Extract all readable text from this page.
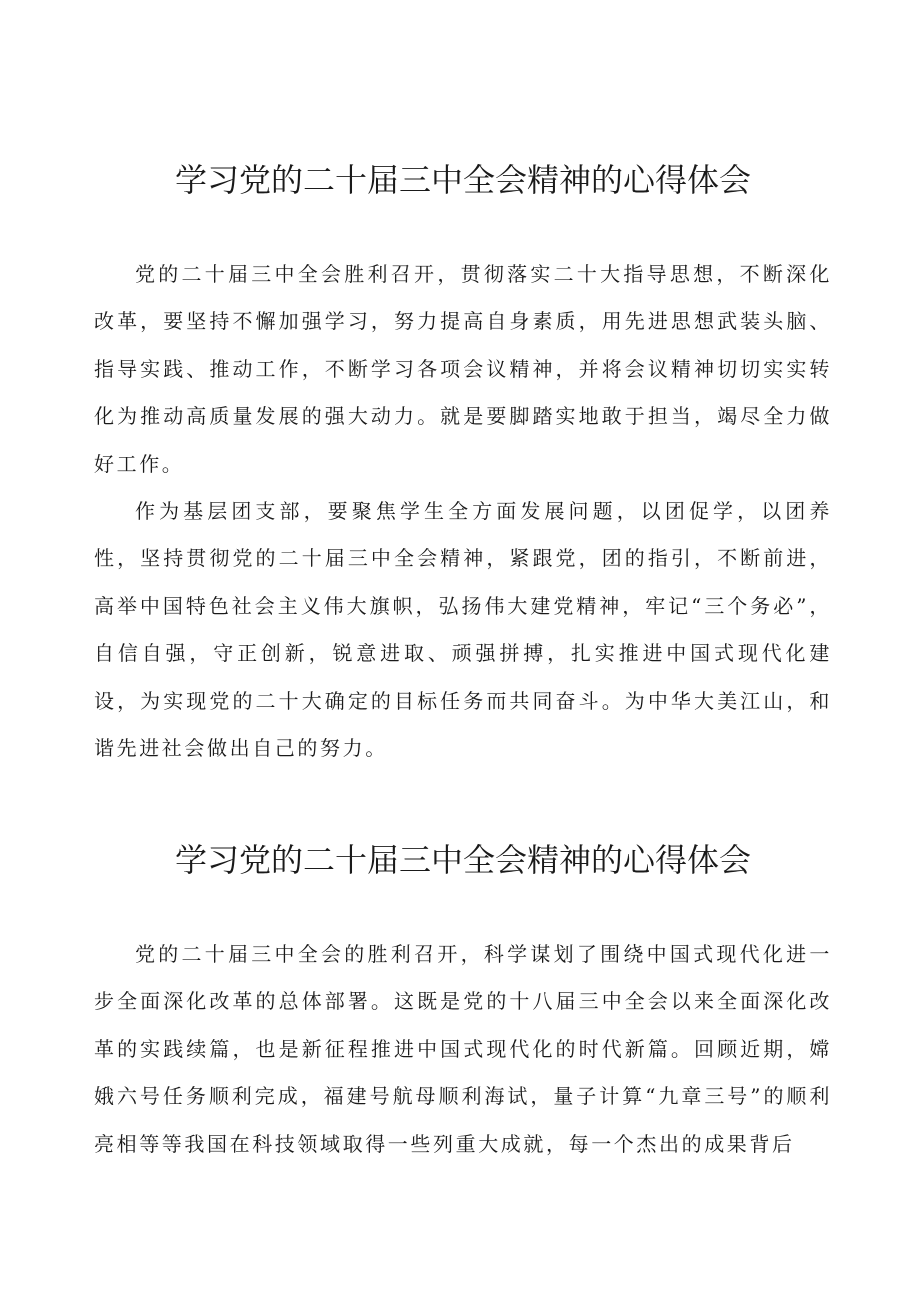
学习党的二十届三中全会精神的心得体会

党的二十届三中全会胜利召开，贯彻落实二十大指导思想，不断深化改革，要坚持不懈加强学习，努力提高自身素质，用先进思想武装头脑、指导实践、推动工作，不断学习各项会议精神，并将会议精神切切实实转化为推动高质量发展的强大动力。就是要脚踏实地敢于担当，竭尽全力做好工作。

作为基层团支部，要聚焦学生全方面发展问题，以团促学，以团养性，坚持贯彻党的二十届三中全会精神，紧跟党，团的指引，不断前进，高举中国特色社会主义伟大旗帜，弘扬伟大建党精神，牢记“三个务必”，自信自强，守正创新，锐意进取、顽强拼搏，扎实推进中国式现代化建设，为实现党的二十大确定的目标任务而共同奋斗。为中华大美江山，和谐先进社会做出自己的努力。

学习党的二十届三中全会精神的心得体会

党的二十届三中全会的胜利召开，科学谋划了围绕中国式现代化进一步全面深化改革的总体部署。这既是党的十八届三中全会以来全面深化改革的实践续篇，也是新征程推进中国式现代化的时代新篇。回顾近期，嫦娥六号任务顺利完成，福建号航母顺利海试，量子计算“九章三号”的顺利亮相等等我国在科技领域取得一些列重大成就，每一个杰出的成果背后
